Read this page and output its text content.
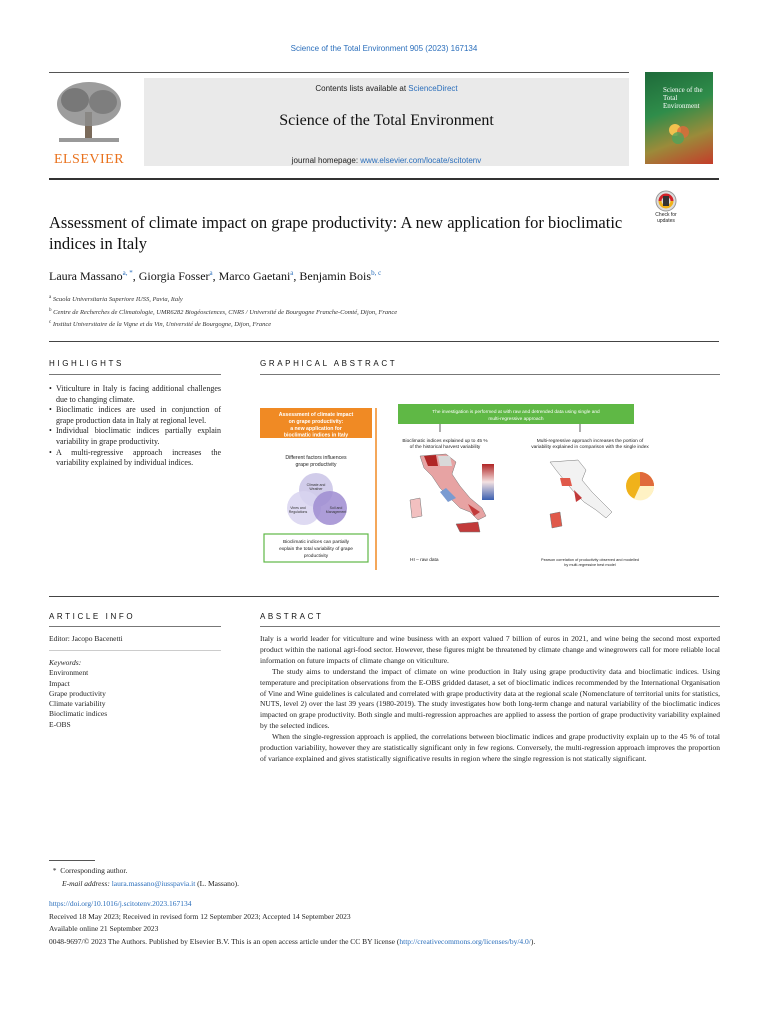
Science of the Total Environment 905 (2023) 167134
ELSEVIER
Contents lists available at ScienceDirect
Science of the Total Environment
journal homepage: www.elsevier.com/locate/scitotenv
Science of the Total Environment
Check for updates
Assessment of climate impact on grape productivity: A new application for bioclimatic indices in Italy
Laura Massano$^{a, *}$, Giorgia Fosser$^a$, Marco Gaetani$^a$, Benjamin Bois$^{b, c}$
$^a$ Scuola Universitaria Superiore IUSS, Pavia, Italy
$^b$ Centre de Recherches de Climatologie, UMR6282 Biogéosciences, CNRS / Université de Bourgogne Franche-Comté, Dijon, France
$^c$ Institut Universitaire de la Vigne et du Vin, Université de Bourgogne, Dijon, France
HIGHLIGHTS
• Viticulture in Italy is facing additional challenges due to changing climate.
• Bioclimatic indices are used in conjunction of grape production data in Italy at regional level.
• Individual bioclimatic indices partially explain variability in grape productivity.
• A multi-regressive approach increases the variability explained by individual indices.
GRAPHICAL ABSTRACT
Assessment of climate impact
on grape productivity:
a new application for
bioclimatic indices in Italy
Different factors influences
grape productivity
Climate and
Weather
Vines and
Regulations
Soil and
Management
Bioclimatic indices can partially
explain the total variability of grape
productivity
The investigation is performed at with raw and detrended data using single and
multi-regressive approach
Bioclimatic indices explained up to 45 %
of the historical harvest variability
Multi-regressive approach increases the portion of
variability explained in comparison with the single index
HI – raw data	Pearson correlation of productivity observed and modelled
by multi-regressive best model
ARTICLE INFO
Editor: Jacopo Bacenetti
Keywords:
Environment
Impact
Grape productivity
Climate variability
Bioclimatic indices
E-OBS
ABSTRACT

Italy is a world leader for viticulture and wine business with an export valued 7 billion of euros in 2021, and wine being the second most exported product within the national agri-food sector. However, these figures might be threatened by climate change and winegrowers call for more reliable local information on future impacts of climate change on viticulture.

The study aims to understand the impact of climate on wine production in Italy using grape productivity data and bioclimatic indices. Using temperature and precipitation observations from the E-OBS gridded dataset, a set of bioclimatic indices recommended by the International Organisation of Vine and Wine guidelines is calculated and correlated with grape productivity data at the regional scale (Nomenclature of territorial units for statistics, NUTS, level 2) over the last 39 years (1980-2019). The study investigates how both long-term change and natural variability of the bioclimatic indices impacted on grape productivity. Both single and multi-regression approaches are applied to assess the portion of grape productivity variability explained by the selected indices.

When the single-regression approach is applied, the correlations between bioclimatic indices and grape productivity explain up to the 45 % of total production variability, however they are statistically significant only in few regions. Conversely, the multi-regression approach improves the proportion of variance explained and gives statistically significative results in region where the single regression is not statically significant.

*  Corresponding author.
E-mail address: laura.massano@iusspavia.it (L. Massano).
https://doi.org/10.1016/j.scitotenv.2023.167134
Received 18 May 2023; Received in revised form 12 September 2023; Accepted 14 September 2023
Available online 21 September 2023
0048-9697/© 2023 The Authors. Published by Elsevier B.V. This is an open access article under the CC BY license (http://creativecommons.org/licenses/by/4.0/).
